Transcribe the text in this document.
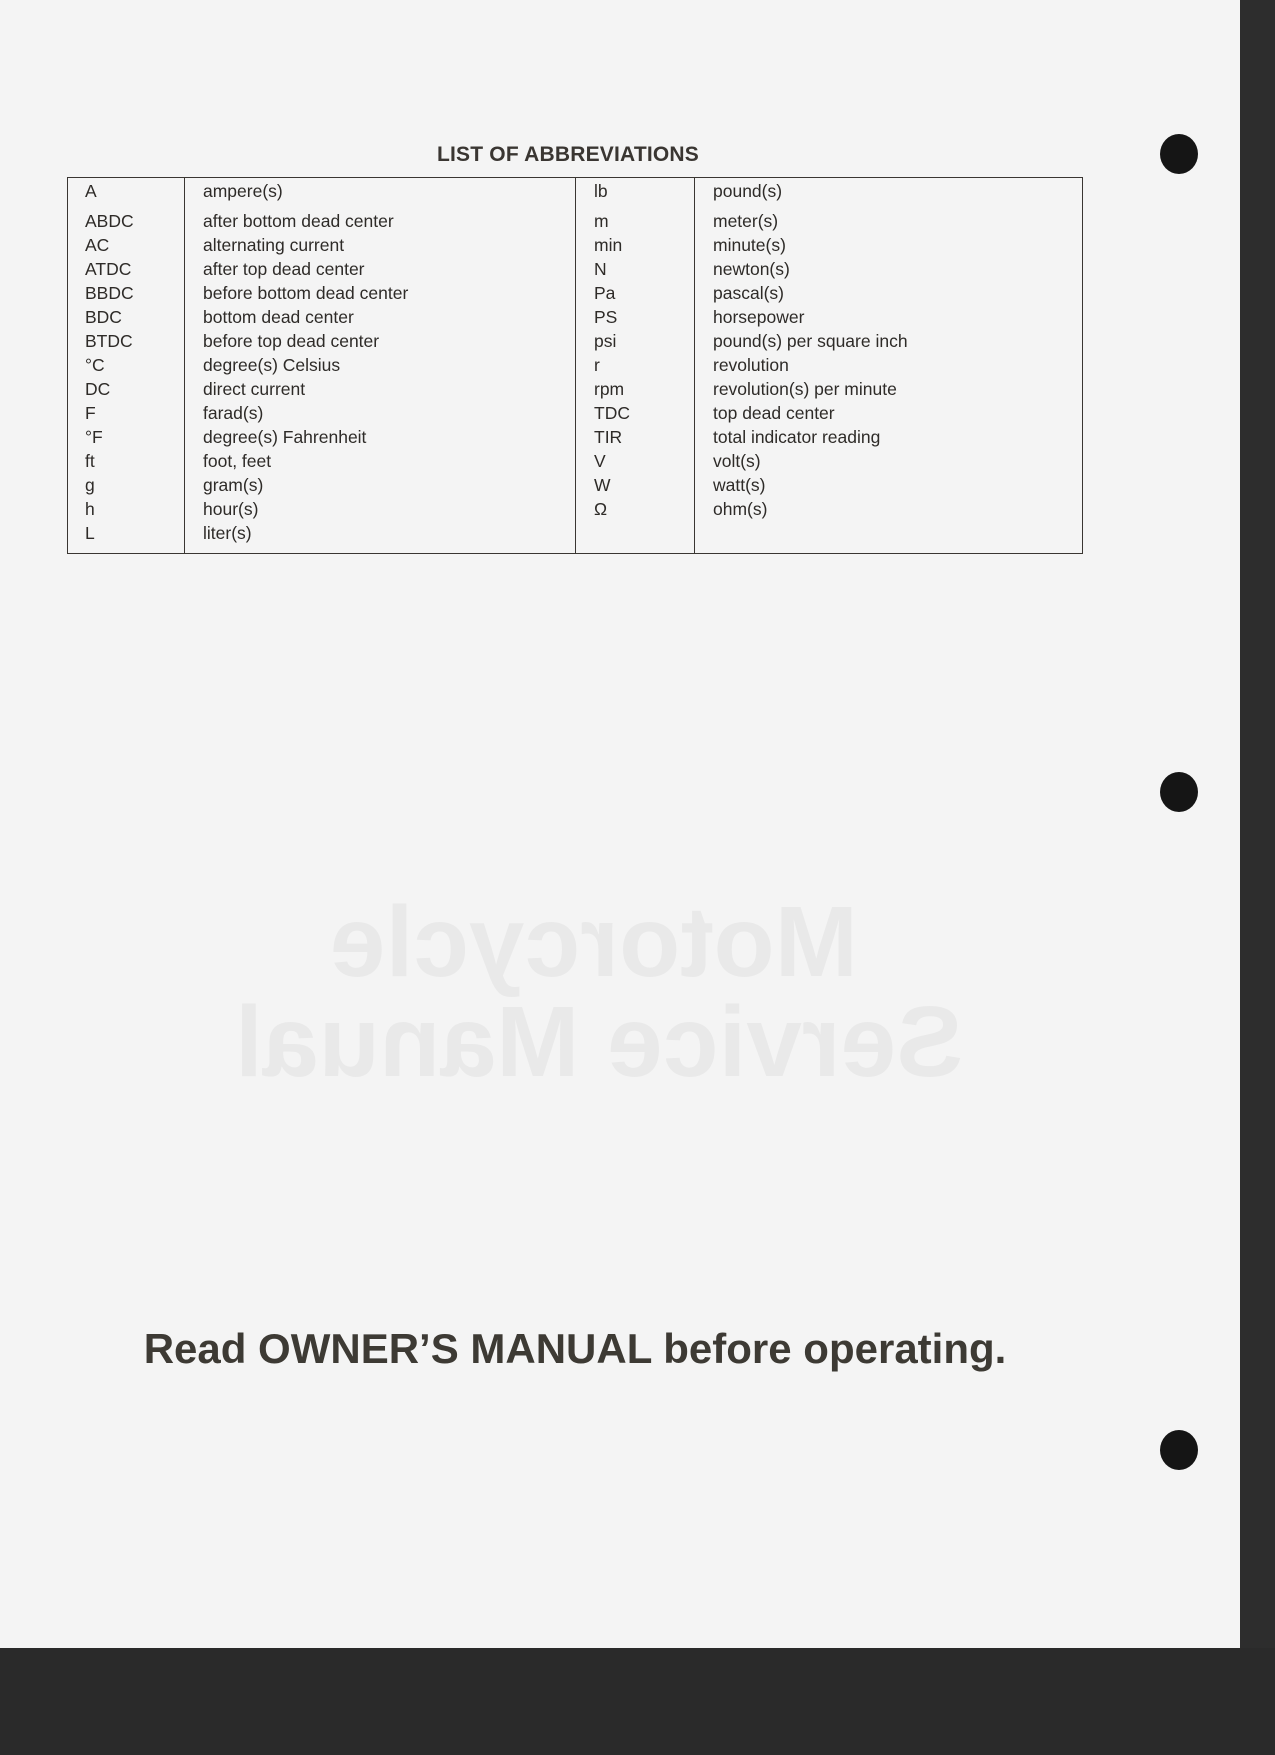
LIST OF ABBREVIATIONS
A
ABDC
AC
ATDC
BBDC
BDC
BTDC
°C
DC
F
°F
ft
g
h
L
ampere(s)
after bottom dead center
alternating current
after top dead center
before bottom dead center
bottom dead center
before top dead center
degree(s) Celsius
direct current
farad(s)
degree(s) Fahrenheit
foot, feet
gram(s)
hour(s)
liter(s)
lb
m
min
N
Pa
PS
psi
r
rpm
TDC
TIR
V
W
Ω
pound(s)
meter(s)
minute(s)
newton(s)
pascal(s)
horsepower
pound(s) per square inch
revolution
revolution(s) per minute
top dead center
total indicator reading
volt(s)
watt(s)
ohm(s)
Read OWNER’S MANUAL before operating.
